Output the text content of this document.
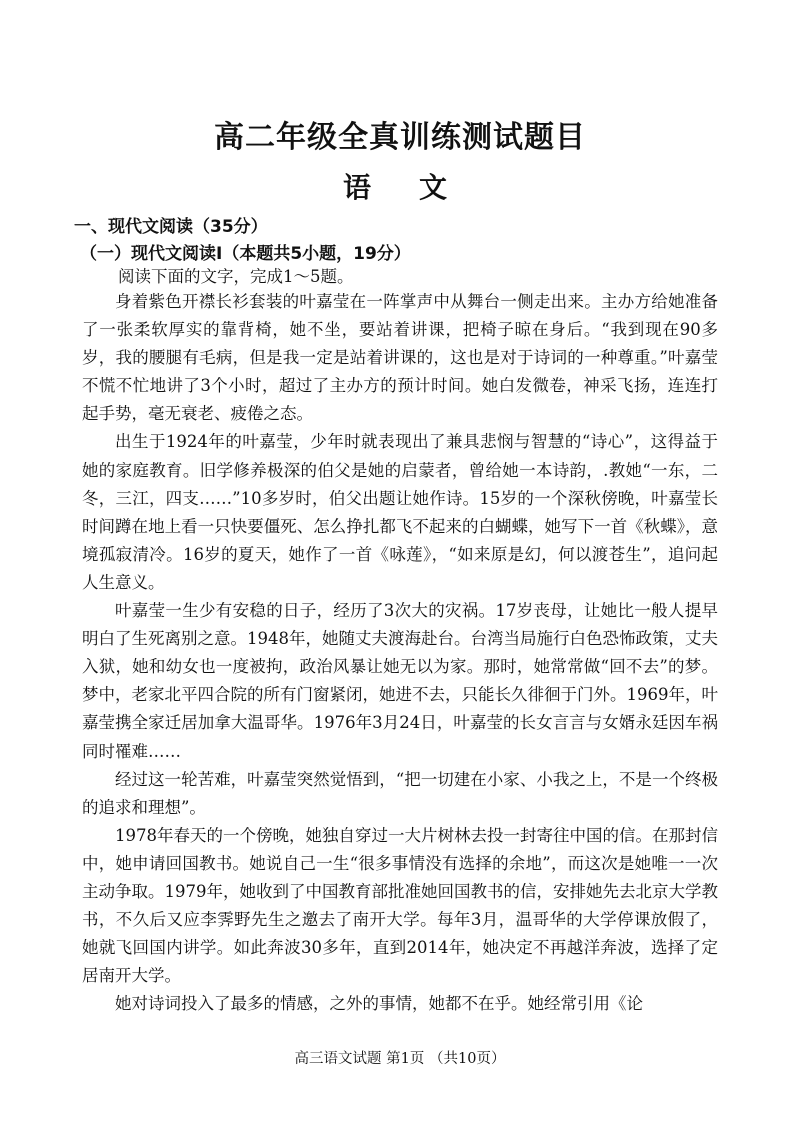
高二年级全真训练测试题目
语　文
一、现代文阅读（35分）
（一）现代文阅读Ⅰ（本题共5小题，19分）
阅读下面的文字，完成1～5题。

身着紫色开襟长衫套装的叶嘉莹在一阵掌声中从舞台一侧走出来。主办方给她准备了一张柔软厚实的靠背椅，她不坐，要站着讲课，把椅子晾在身后。“我到现在90多岁，我的腰腿有毛病，但是我一定是站着讲课的，这也是对于诗词的一种尊重。”叶嘉莹不慌不忙地讲了3个小时，超过了主办方的预计时间。她白发微卷，神采飞扬，连连打起手势，毫无衰老、疲倦之态。

出生于1924年的叶嘉莹，少年时就表现出了兼具悲悯与智慧的“诗心”，这得益于她的家庭教育。旧学修养极深的伯父是她的启蒙者，曾给她一本诗韵，.教她“一东，二冬，三江，四支……”10多岁时，伯父出题让她作诗。15岁的一个深秋傍晚，叶嘉莹长时间蹲在地上看一只快要僵死、怎么挣扎都飞不起来的白蝴蝶，她写下一首《秋蝶》，意境孤寂清冷。16岁的夏天，她作了一首《咏莲》，“如来原是幻，何以渡苍生”，追问起人生意义。

叶嘉莹一生少有安稳的日子，经历了3次大的灾祸。17岁丧母，让她比一般人提早明白了生死离别之意。1948年，她随丈夫渡海赴台。台湾当局施行白色恐怖政策，丈夫入狱，她和幼女也一度被拘，政治风暴让她无以为家。那时，她常常做“回不去”的梦。梦中，老家北平四合院的所有门窗紧闭，她进不去，只能长久徘徊于门外。1969年，叶嘉莹携全家迁居加拿大温哥华。1976年3月24日，叶嘉莹的长女言言与女婿永廷因车祸同时罹难……

经过这一轮苦难，叶嘉莹突然觉悟到，“把一切建在小家、小我之上，不是一个终极的追求和理想”。

1978年春天的一个傍晚，她独自穿过一大片树林去投一封寄往中国的信。在那封信中，她申请回国教书。她说自己一生“很多事情没有选择的余地”，而这次是她唯一一次主动争取。1979年，她收到了中国教育部批准她回国教书的信，安排她先去北京大学教书，不久后又应李霁野先生之邀去了南开大学。每年3月，温哥华的大学停课放假了，她就飞回国内讲学。如此奔波30多年，直到2014年，她决定不再越洋奔波，选择了定居南开大学。

她对诗词投入了最多的情感，之外的事情，她都不在乎。她经常引用《论

高三语文试题 第1页 （共10页）
